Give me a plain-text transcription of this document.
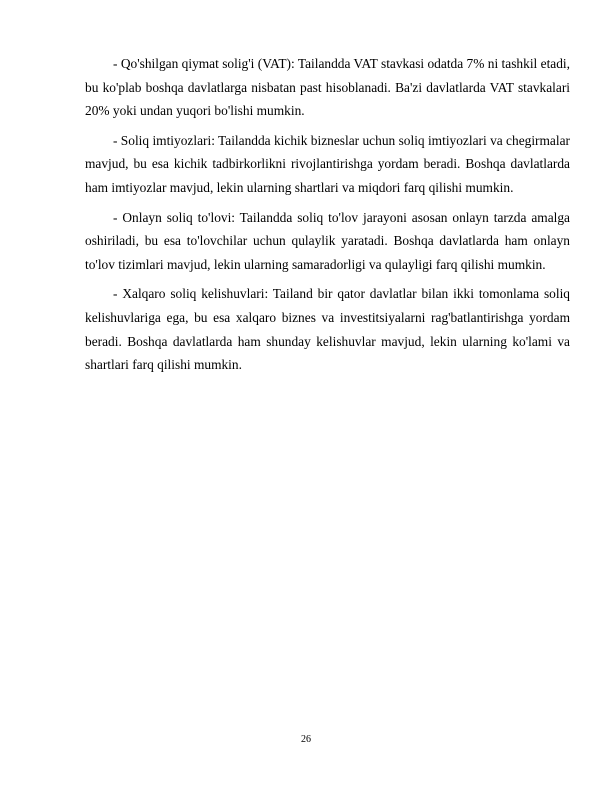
- Qo'shilgan qiymat solig'i (VAT): Tailandda VAT stavkasi odatda 7% ni tashkil etadi, bu ko'plab boshqa davlatlarga nisbatan past hisoblanadi. Ba'zi davlatlarda VAT stavkalari 20% yoki undan yuqori bo'lishi mumkin.

- Soliq imtiyozlari: Tailandda kichik bizneslar uchun soliq imtiyozlari va chegirmalar mavjud, bu esa kichik tadbirkorlikni rivojlantirishga yordam beradi. Boshqa davlatlarda ham imtiyozlar mavjud, lekin ularning shartlari va miqdori farq qilishi mumkin.

- Onlayn soliq to'lovi: Tailandda soliq to'lov jarayoni asosan onlayn tarzda amalga oshiriladi, bu esa to'lovchilar uchun qulaylik yaratadi. Boshqa davlatlarda ham onlayn to'lov tizimlari mavjud, lekin ularning samaradorligi va qulayligi farq qilishi mumkin.

- Xalqaro soliq kelishuvlari: Tailand bir qator davlatlar bilan ikki tomonlama soliq kelishuvlariga ega, bu esa xalqaro biznes va investitsiyalarni rag'batlantirishga yordam beradi. Boshqa davlatlarda ham shunday kelishuvlar mavjud, lekin ularning ko'lami va shartlari farq qilishi mumkin.

26
